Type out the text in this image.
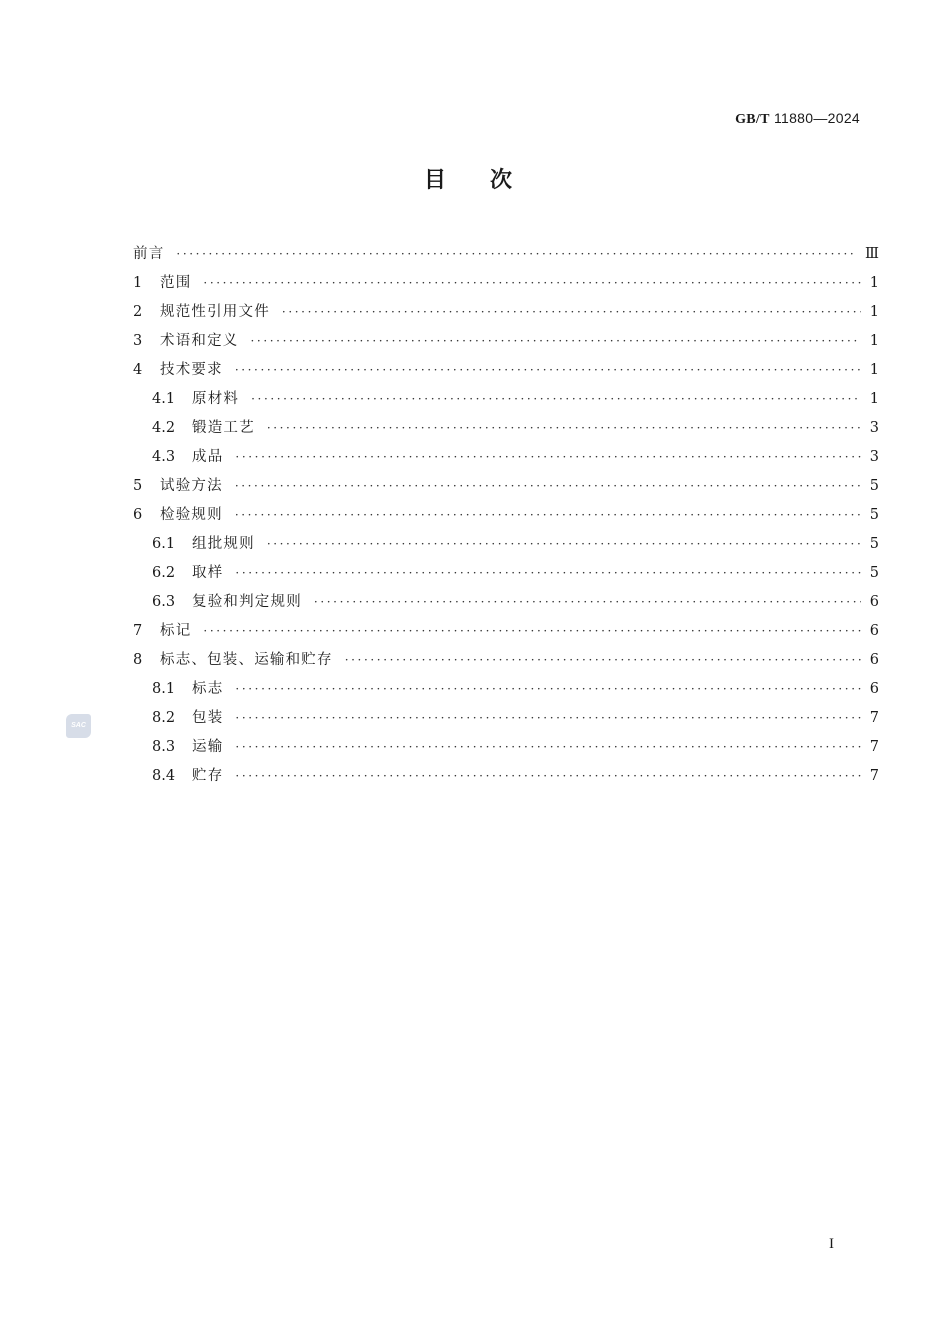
GB/T 11880—2024
目次
前言 ·····	Ⅲ
1	范围 ·····	1
2	规范性引用文件 ·····	1
3	术语和定义 ·····	1
4	技术要求 ·····	1
4.1	原材料 ·····	1
4.2	锻造工艺 ·····	3
4.3	成品 ·····	3
5	试验方法 ·····	5
6	检验规则 ·····	5
6.1	组批规则 ·····	5
6.2	取样 ·····	5
6.3	复验和判定规则 ·····	6
7	标记 ·····	6
8	标志、包装、运输和贮存 ·····	6
8.1	标志 ·····	6
8.2	包装 ·····	7
8.3	运输 ·····	7
8.4	贮存 ·····	7
SAC
I
